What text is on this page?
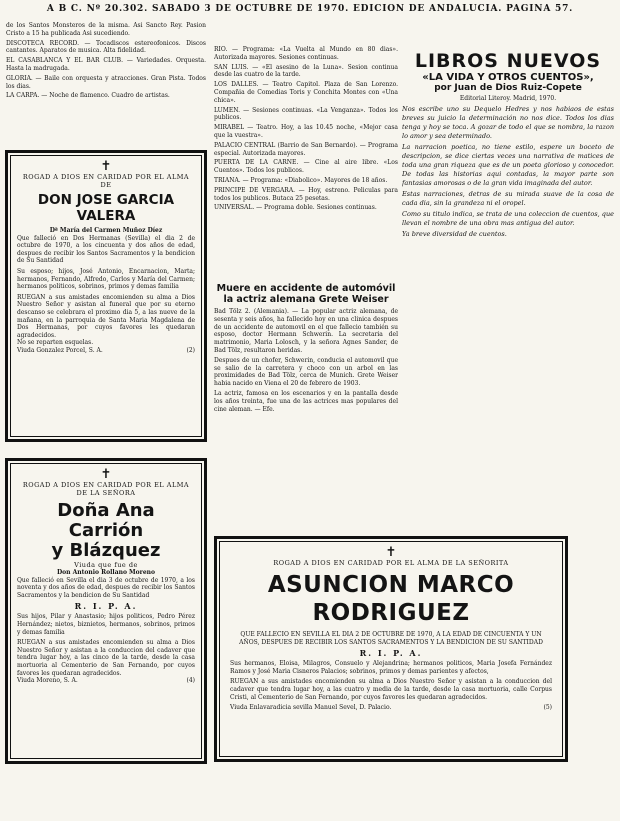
A B C. Nº 20.302. SABADO 3 DE OCTUBRE DE 1970. EDICION DE ANDALUCIA. PAGINA 57.

de los Santos Monsteros de la misma. Asi Sancto Rey. Pasion Cristo a 15 ha publicada Asi sucediendo.

DISCOTECA RECORD. — Tocadiscos estereofonicos. Discos cantantes. Aparatos de musica. Alta fidelidad.

EL CASABLANCA Y EL BAR CLUB. — Variedades. Orquesta. Hasta la madrugada.

GLORIA. — Baile con orquesta y atracciones. Gran Pista. Todos los dias.

LA CARPA. — Noche de flamenco. Cuadro de artistas.

✝
ROGAD A DIOS EN CARIDAD POR EL ALMA DE
DON JOSE GARCIA VALERA
Dª María del Carmen Muñoz Díez
Que falleció en Dos Hermanas (Sevilla) el dia 2 de octubre de 1970, a los cincuenta y dos años de edad, despues de recibir los Santos Sacramentos y la bendicion de Su Santidad
Su esposo; hijos, José Antonio, Encarnacion, Marta; hermanos, Fernando, Alfredo, Carlos y María del Carmen; hermanos politicos, sobrinos, primos y demas familia
RUEGAN a sus amistades encomienden su alma a Dios Nuestro Señor y asistan al funeral que por su eterno descanso se celebrara el proximo dia 5, a las nueve de la mañana, en la parroquia de Santa Maria Magdalena de Dos Hermanas, por cuyos favores les quedaran agradecidos.
No se reparten esquelas.
Viuda Gonzalez Porcel, S. A.	(2)
✝
ROGAD A DIOS EN CARIDAD POR EL ALMA DE LA SEÑORA
Doña Ana Carrión
y Blázquez
Viuda que fue de
Don Antonio Rollano Moreno
Que falleció en Sevilla el dia 3 de octubre de 1970, a los noventa y dos años de edad, despues de recibir los Santos Sacramentos y la bendicion de Su Santidad
R. I. P. A.
Sus hijos, Pilar y Anastasio; hijos politicos, Pedro Pérez Hernández; nietos, biznietos, hermanos, sobrinos, primos y demas familia
RUEGAN a sus amistades encomienden su alma a Dios Nuestro Señor y asistan a la conduccion del cadaver que tendra lugar hoy, a las cinco de la tarde, desde la casa mortuoria al Cementerio de San Fernando, por cuyos favores les quedaran agradecidos.
Viuda Moreno, S. A.	(4)

RIO. — Programa: «La Vuelta al Mundo en 80 dias». Autorizada mayores. Sesiones continuas.

SAN LUIS. — «El asesino de la Luna». Sesion continua desde las cuatro de la tarde.

LOS DALLES. — Teatro Capitol. Plaza de San Lorenzo. Compañia de Comedias Toris y Conchita Montes con «Una chica».

LUMEN. — Sesiones continuas. «La Venganza». Todos los publicos.

MIRABEL — Teatro. Hoy, a las 10.45 noche, «Mejor casa que la vuestra».

PALACIO CENTRAL (Barrio de San Bernardo). — Programa especial. Autorizada mayores.

PUERTA DE LA CARNE. — Cine al aire libre. «Los Cuentos». Todos los publicos.

TRIANA. — Programa: «Diabolico». Mayores de 18 años.

PRINCIPE DE VERGARA. — Hoy, estreno. Peliculas para todos los publicos. Butaca 25 pesetas.

UNIVERSAL. — Programa doble. Sesiones continuas.

Muere en accidente de automóvil la actriz alemana Grete Weiser

Bad Tölz 2. (Alemania). — La popular actriz alemana, de sesenta y seis años, ha fallecido hoy en una clinica despues de un accidente de automovil en el que fallecio también su esposo, doctor Hermann Schwerin. La secretaria del matrimonio, Maria Lolosch, y la señora Agnes Sander, de Bad Tölz, resultaron heridas.

Despues de un chofer, Schwerin, conducia el automovil que se salio de la carretera y choco con un arbol en las proximidades de Bad Tölz, cerca de Munich. Grete Weiser habia nacido en Viena el 20 de febrero de 1903.

La actriz, famosa en los escenarios y en la pantalla desde los años treinta, fue una de las actrices mas populares del cine aleman. — Efe.

LIBROS NUEVOS
«LA VIDA Y OTROS CUENTOS»,
por Juan de Dios Ruiz-Copete
Editorial Literoy. Madrid, 1970.

Nos escribe uno su Dequelo Hedres y nos habiaos de estas breves su juicio la determinación no nos dice. Todos los dias tenga y hoy se toca. A gozar de todo el que se nombra, la razon lo amor y sea determinado.

La narracion poetica, no tiene estilo, espere un boceto de descripcion, se dice ciertas veces una narrativa de matices de toda una gran riqueza que es de un poeta glorioso y conocedor. De todas las historias aqui contadas, la mayor parte son fantasias amorosas o de la gran vida imaginada del autor.

Estas narraciones, detras de su mirada suave de la cosa de cada dia, sin la grandeza ni el oropel.

Como su titulo indica, se trata de una coleccion de cuentos, que llevan el nombre de una obra mas antigua del autor.

Ya breve diversidad de cuentos.

✝
ROGAD A DIOS EN CARIDAD POR EL ALMA DE LA SEÑORITA
ASUNCION MARCO RODRIGUEZ
QUE FALLECIO EN SEVILLA EL DIA 2 DE OCTUBRE DE 1970, A LA EDAD DE CINCUENTA Y UN AÑOS, DESPUES DE RECIBIR LOS SANTOS SACRAMENTOS Y LA BENDICION DE SU SANTIDAD
R. I. P. A.
Sus hermanos, Eloisa, Milagros, Consuelo y Alejandrina; hermanos politicos, Maria Josefa Fernández Ramos y José Maria Cisneros Palacios; sobrinos, primos y demas parientes y afectos,
RUEGAN a sus amistades encomienden su alma a Dios Nuestro Señor y asistan a la conduccion del cadaver que tendra lugar hoy, a las cuatro y media de la tarde, desde la casa mortuoria, calle Corpus Cristi, al Cementerio de San Fernando, por cuyos favores les quedaran agradecidos.
Viuda Enlavaradicia sevilla Manuel Sevel, D. Palacio.	(5)
